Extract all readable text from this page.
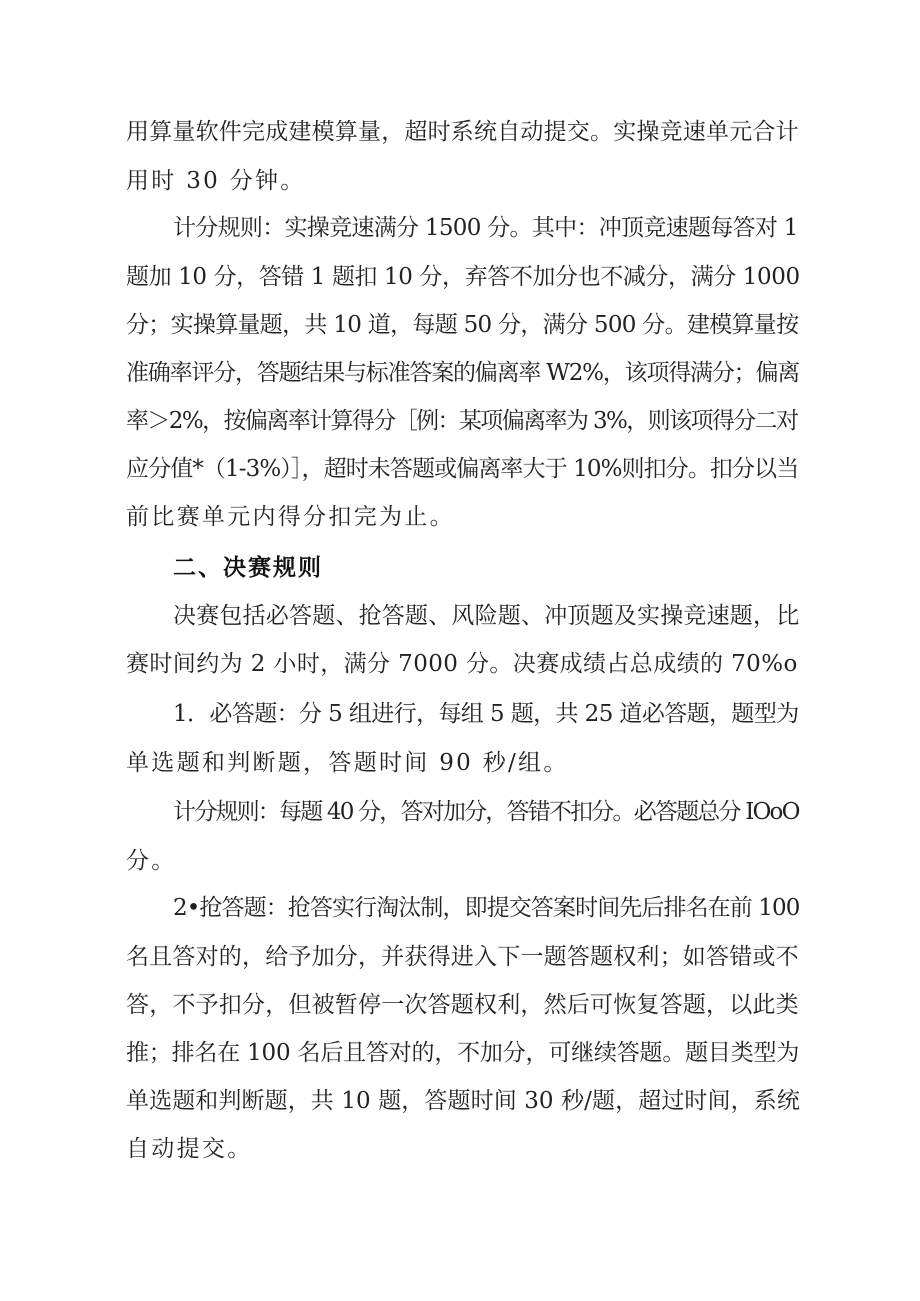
用算量软件完成建模算量，超时系统自动提交。实操竞速单元合计
用时 30 分钟。
计分规则：实操竞速满分 1500 分。其中：冲顶竞速题每答对 1
题加 10 分，答错 1 题扣 10 分，弃答不加分也不减分，满分 1000
分；实操算量题，共 10 道，每题 50 分，满分 500 分。建模算量按
准确率评分，答题结果与标准答案的偏离率 W2%，该项得满分；偏离
率＞2%，按偏离率计算得分［例：某项偏离率为 3%，则该项得分二对
应分值*（1-3%）］，超时未答题或偏离率大于 10%则扣分。扣分以当
前比赛单元内得分扣完为止。
二、决赛规则
决赛包括必答题、抢答题、风险题、冲顶题及实操竞速题，比
赛时间约为 2 小时，满分 7000 分。决赛成绩占总成绩的 70%o
1．必答题：分 5 组进行，每组 5 题，共 25 道必答题，题型为
单选题和判断题，答题时间 90 秒/组。
计分规则：每题 40 分，答对加分，答错不扣分。必答题总分 IOoO
分。
2•抢答题：抢答实行淘汰制，即提交答案时间先后排名在前 100
名且答对的，给予加分，并获得进入下一题答题权利；如答错或不
答，不予扣分，但被暂停一次答题权利，然后可恢复答题，以此类
推；排名在 100 名后且答对的，不加分，可继续答题。题目类型为
单选题和判断题，共 10 题，答题时间 30 秒/题，超过时间，系统
自动提交。
